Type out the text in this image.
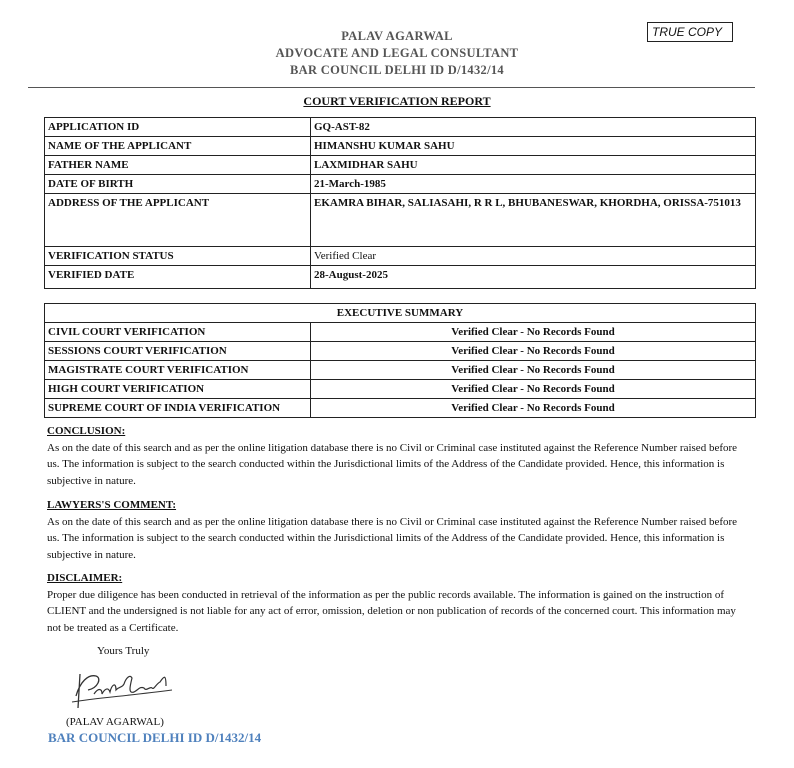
PALAV AGARWAL
ADVOCATE AND LEGAL CONSULTANT
BAR COUNCIL DELHI ID D/1432/14
TRUE COPY
COURT VERIFICATION REPORT
APPLICATION ID	GQ-AST-82
NAME OF THE APPLICANT	HIMANSHU KUMAR SAHU
FATHER NAME	LAXMIDHAR SAHU
DATE OF BIRTH	21-March-1985
ADDRESS OF THE APPLICANT	EKAMRA BIHAR, SALIASAHI, R R L, BHUBANESWAR, KHORDHA, ORISSA-751013
VERIFICATION STATUS	Verified Clear
VERIFIED DATE	28-August-2025
EXECUTIVE SUMMARY	
CIVIL COURT VERIFICATION	Verified Clear - No Records Found
SESSIONS COURT VERIFICATION	Verified Clear - No Records Found
MAGISTRATE COURT VERIFICATION	Verified Clear - No Records Found
HIGH COURT VERIFICATION	Verified Clear - No Records Found
SUPREME COURT OF INDIA VERIFICATION	Verified Clear - No Records Found
CONCLUSION:
As on the date of this search and as per the online litigation database there is no Civil or Criminal case instituted against the Reference Number raised before us. The information is subject to the search conducted within the Jurisdictional limits of the Address of the Candidate provided. Hence, this information is subjective in nature.
LAWYERS'S COMMENT:
As on the date of this search and as per the online litigation database there is no Civil or Criminal case instituted against the Reference Number raised before us. The information is subject to the search conducted within the Jurisdictional limits of the Address of the Candidate provided. Hence, this information is subjective in nature.
DISCLAIMER:
Proper due diligence has been conducted in retrieval of the information as per the public records available. The information is gained on the instruction of CLIENT and the undersigned is not liable for any act of error, omission, deletion or non publication of records of the concerned court. This information may not be treated as a Certificate.
Yours Truly
(PALAV AGARWAL)
BAR COUNCIL DELHI ID D/1432/14
